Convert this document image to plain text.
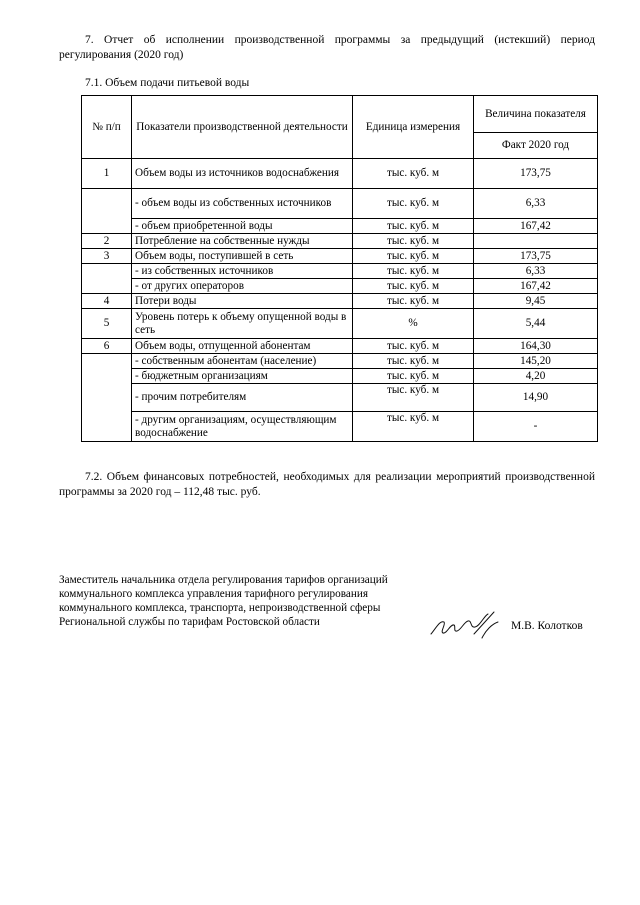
7. Отчет об исполнении производственной программы за предыдущий (истекший) период регулирования (2020 год)
7.1. Объем подачи питьевой воды
№ п/п	Показатели производственной деятельности	Единица измерения	Величина показателя
			Факт 2020 год
1	Объем воды из источников водоснабжения	тыс. куб. м	173,75
	- объем воды из собственных источников	тыс. куб. м	6,33
	- объем приобретенной воды	тыс. куб. м	167,42
2	Потребление на собственные нужды	тыс. куб. м	
3	Объем воды, поступившей в сеть	тыс. куб. м	173,75
	- из собственных источников	тыс. куб. м	6,33
	- от других операторов	тыс. куб. м	167,42
4	Потери воды	тыс. куб. м	9,45
5	Уровень потерь к объему опущенной воды в сеть	%	5,44
6	Объем воды, отпущенной абонентам	тыс. куб. м	164,30
	- собственным абонентам (население)	тыс. куб. м	145,20
	- бюджетным организациям	тыс. куб. м	4,20
	- прочим потребителям	тыс. куб. м	14,90
	- другим организациям, осуществляющим водоснабжение	тыс. куб. м	-
7.2. Объем финансовых потребностей, необходимых для реализации мероприятий производственной программы за 2020 год – 112,48 тыс. руб.
Заместитель начальника отдела регулирования тарифов организаций
коммунального комплекса управления тарифного регулирования
коммунального комплекса, транспорта, непроизводственной сферы
Региональной службы по тарифам Ростовской области	М.В. Колотков
